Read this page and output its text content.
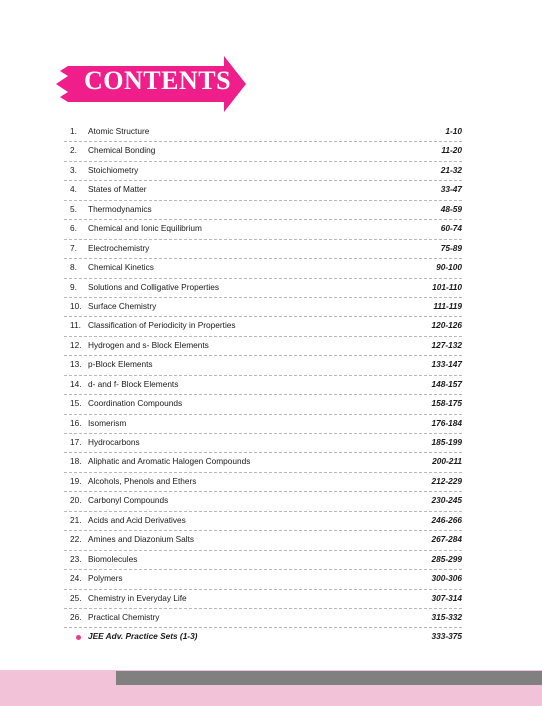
CONTENTS
1. Atomic Structure	1-10
2. Chemical Bonding	11-20
3. Stoichiometry	21-32
4. States of Matter	33-47
5. Thermodynamics	48-59
6. Chemical and Ionic Equilibrium	60-74
7. Electrochemistry	75-89
8. Chemical Kinetics	90-100
9. Solutions and Colligative Properties	101-110
10. Surface Chemistry	111-119
11. Classification of Periodicity in Properties	120-126
12. Hydrogen and s- Block Elements	127-132
13. p-Block Elements	133-147
14. d- and f- Block Elements	148-157
15. Coordination Compounds	158-175
16. Isomerism	176-184
17. Hydrocarbons	185-199
18. Aliphatic and Aromatic Halogen Compounds	200-211
19. Alcohols, Phenols and Ethers	212-229
20. Carbonyl Compounds	230-245
21. Acids and Acid Derivatives	246-266
22. Amines and Diazonium Salts	267-284
23. Biomolecules	285-299
24. Polymers	300-306
25. Chemistry in Everyday Life	307-314
26. Practical Chemistry	315-332
JEE Adv. Practice Sets (1-3)	333-375
